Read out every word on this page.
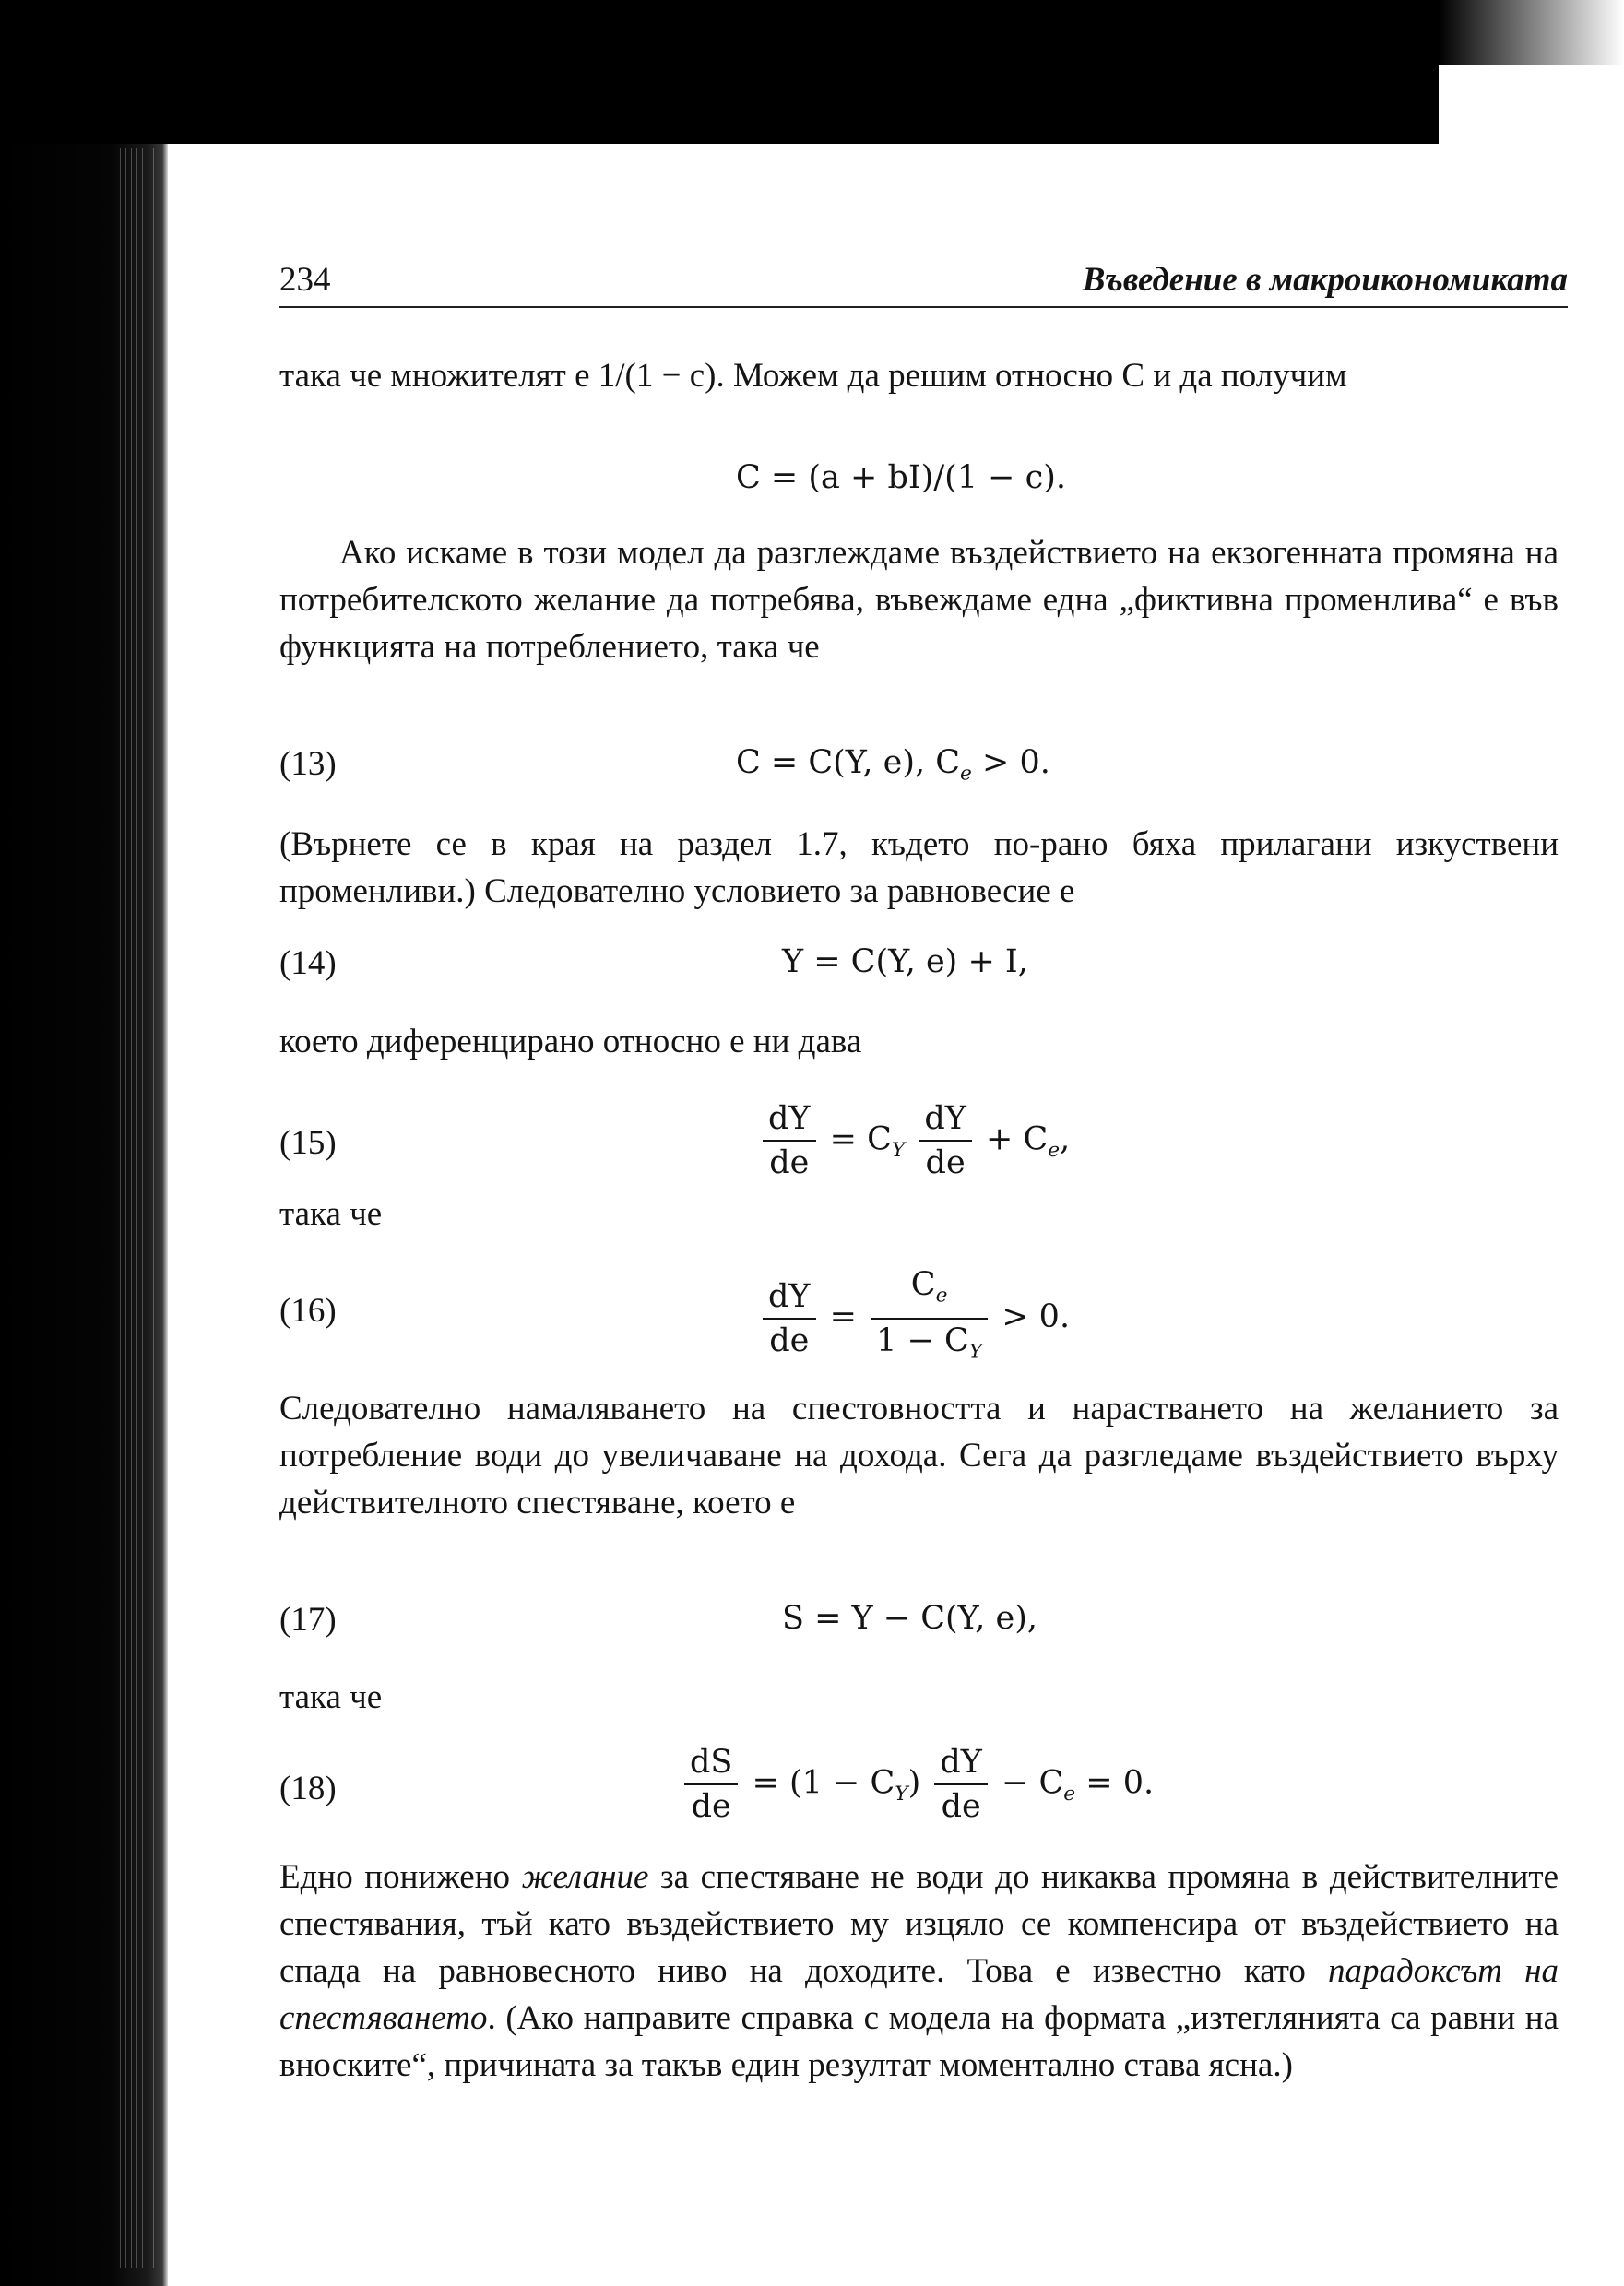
234	Въведение в макроикономиката

така че множителят е 1/(1 − c). Можем да решим относно C и да получим

C = (a + bI)/(1 − c).

Ако искаме в този модел да разглеждаме въздействието на екзогенната промяна на потребителското желание да потребява, въвеждаме една „фиктивна променлива“ e във функцията на потреблението, така че

(13)	C = C(Y, e), $C_e > 0$.

(Върнете се в края на раздел 1.7, където по-рано бяха прилагани изкуствени променливи.) Следователно условието за равновесие е

(14)	Y = C(Y, e) + I,

което диференцирано относно e ни дава

(15)	$\frac{dY}{de} = C_Y \frac{dY}{de} + C_e$,
така че
(16)	$\frac{dY}{de} = \frac{C_e}{1 - C_Y} > 0$.

Следователно намаляването на спестовността и нарастването на желанието за потребление води до увеличаване на дохода. Сега да разгледаме въздействието върху действителното спестяване, което е

(17)	S = Y − C(Y, e),
така че
(18)	$\frac{dS}{de} = (1 - C_Y) \frac{dY}{de} - C_e = 0$.

Едно понижено желание за спестяване не води до никаква промяна в действителните спестявания, тъй като въздействието му изцяло се компенсира от въздействието на спада на равновесното ниво на доходите. Това е известно като парадоксът на спестяването. (Ако направите справка с модела на формата „изтеглянията са равни на вноските“, причината за такъв един резултат моментално става ясна.)
